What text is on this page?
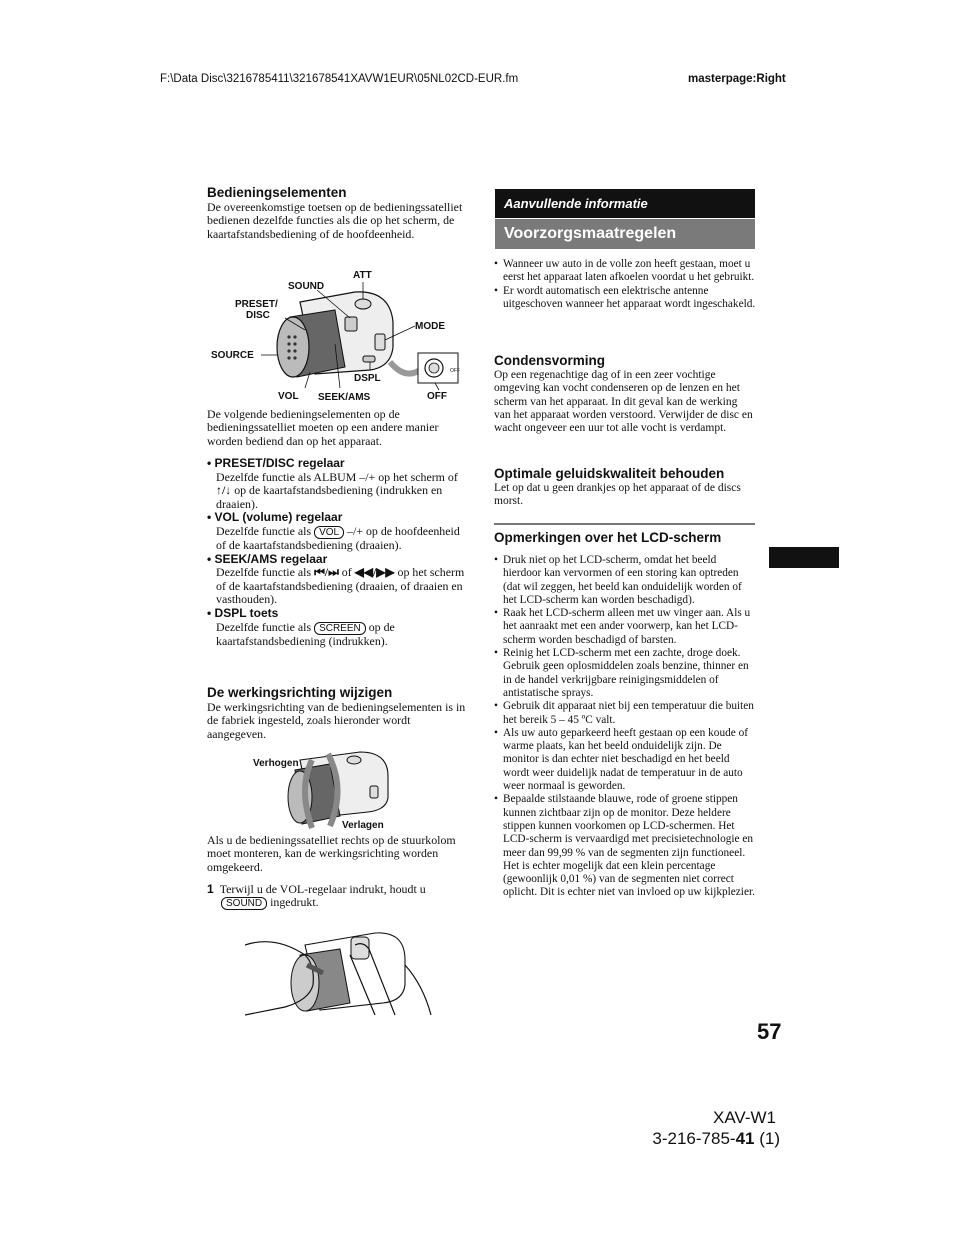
F:\Data Disc\3216785411\321678541XAVW1EUR\05NL02CD-EUR.fm	masterpage:Right
Bedieningselementen

De overeenkomstige toetsen op de bedieningssatelliet bedienen dezelfde functies als die op het scherm, de kaartafstandsbediening of de hoofdeenheid.

OFF
ATT
SOUND
PRESET/
DISC
MODE
SOURCE
DSPL
VOL SEEK/AMS	OFF

De volgende bedieningselementen op de bedieningssatelliet moeten op een andere manier worden bediend dan op het apparaat.

• PRESET/DISC regelaar
Dezelfde functie als ALBUM –/+ op het scherm of ↑/↓ op de kaartafstandsbediening (indrukken en draaien).
• VOL (volume) regelaar
Dezelfde functie als VOL –/+ op de hoofdeenheid of de kaartafstandsbediening (draaien).
• SEEK/AMS regelaar
Dezelfde functie als ⏮/⏭ of ◀◀/▶▶ op het scherm of de kaartafstandsbediening (draaien, of draaien en vasthouden).
• DSPL toets
Dezelfde functie als SCREEN op de kaartafstandsbediening (indrukken).
De werkingsrichting wijzigen

De werkingsrichting van de bedieningselementen is in de fabriek ingesteld, zoals hieronder wordt aangegeven.

Verhogen
Verlagen

Als u de bedieningssatelliet rechts op de stuurkolom moet monteren, kan de werkingsrichting worden omgekeerd.

1 Terwijl u de VOL-regelaar indrukt, houdt u
SOUND ingedrukt.
Aanvullende informatie
Voorzorgsmaatregelen
• Wanneer uw auto in de volle zon heeft gestaan, moet u eerst het apparaat laten afkoelen voordat u het gebruikt.
• Er wordt automatisch een elektrische antenne uitgeschoven wanneer het apparaat wordt ingeschakeld.
Condensvorming

Op een regenachtige dag of in een zeer vochtige omgeving kan vocht condenseren op de lenzen en het scherm van het apparaat. In dit geval kan de werking van het apparaat worden verstoord. Verwijder de disc en wacht ongeveer een uur tot alle vocht is verdampt.

Optimale geluidskwaliteit behouden

Let op dat u geen drankjes op het apparaat of de discs morst.

Opmerkingen over het LCD-scherm
• Druk niet op het LCD-scherm, omdat het beeld hierdoor kan vervormen of een storing kan optreden (dat wil zeggen, het beeld kan onduidelijk worden of het LCD-scherm kan worden beschadigd).
• Raak het LCD-scherm alleen met uw vinger aan. Als u het aanraakt met een ander voorwerp, kan het LCD-scherm worden beschadigd of barsten.
• Reinig het LCD-scherm met een zachte, droge doek. Gebruik geen oplosmiddelen zoals benzine, thinner en in de handel verkrijgbare reinigingsmiddelen of antistatische sprays.
• Gebruik dit apparaat niet bij een temperatuur die buiten het bereik 5 – 45 ºC valt.
• Als uw auto geparkeerd heeft gestaan op een koude of warme plaats, kan het beeld onduidelijk zijn. De monitor is dan echter niet beschadigd en het beeld wordt weer duidelijk nadat de temperatuur in de auto weer normaal is geworden.
• Bepaalde stilstaande blauwe, rode of groene stippen kunnen zichtbaar zijn op de monitor. Deze heldere stippen kunnen voorkomen op LCD-schermen. Het LCD-scherm is vervaardigd met precisietechnologie en meer dan 99,99 % van de segmenten zijn functioneel. Het is echter mogelijk dat een klein percentage (gewoonlijk 0,01 %) van de segmenten niet correct oplicht. Dit is echter niet van invloed op uw kijkplezier.
57
XAV-W1
3-216-785-41 (1)
